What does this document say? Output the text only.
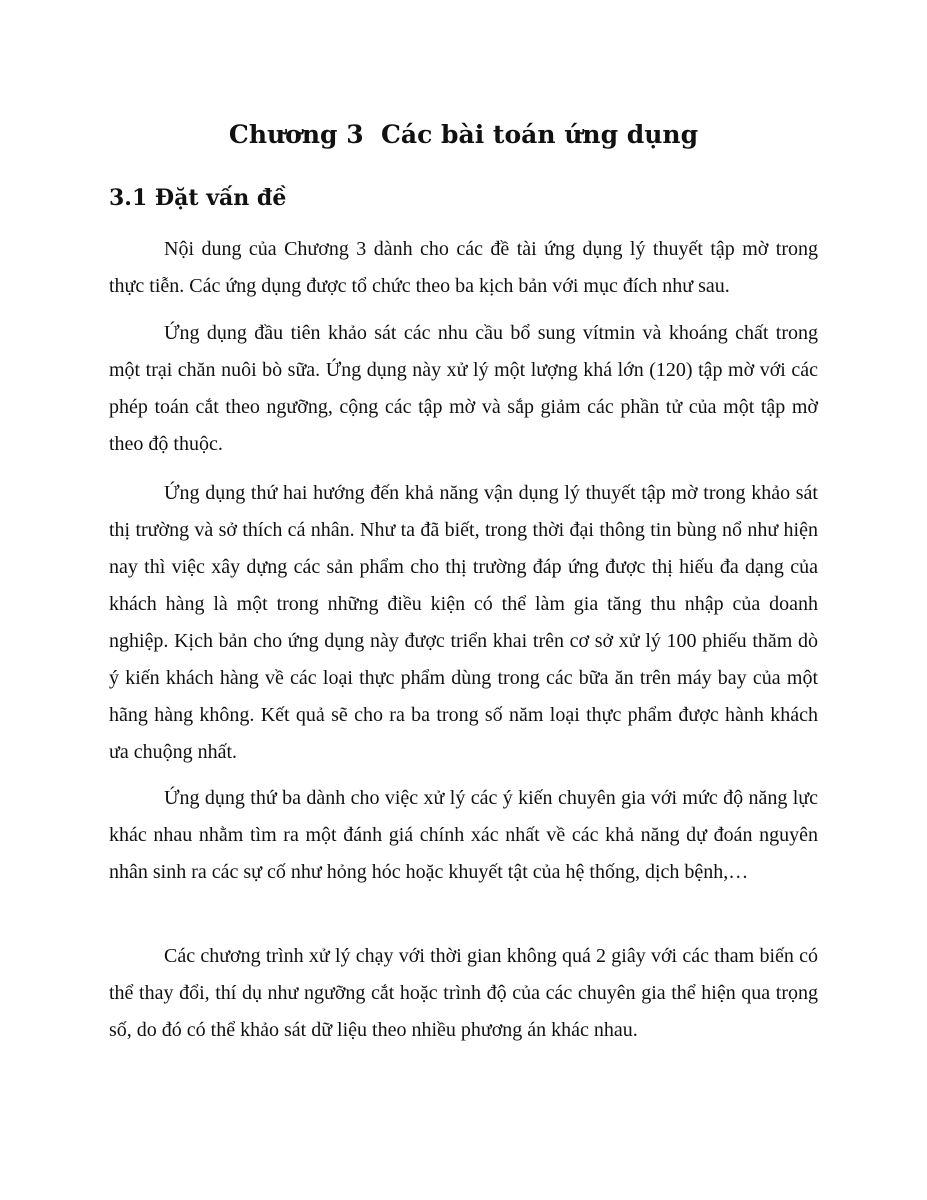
Chương 3  Các bài toán ứng dụng
3.1 Đặt vấn đề

Nội dung của Chương 3 dành cho các đề tài ứng dụng lý thuyết tập mờ trong thực tiễn. Các ứng dụng được tổ chức theo ba kịch bản với mục đích như sau.

Ứng dụng đầu tiên khảo sát các nhu cầu bổ sung vítmin và khoáng chất trong một trại chăn nuôi bò sữa. Ứng dụng này xử lý một lượng khá lớn (120) tập mờ với các phép toán cắt theo ngưỡng, cộng các tập mờ và sắp giảm các phần tử của một tập mờ theo độ thuộc.

Ứng dụng thứ hai hướng đến khả năng vận dụng lý thuyết tập mờ trong khảo sát thị trường và sở thích cá nhân. Như ta đã biết, trong thời đại thông tin bùng nổ như hiện nay thì việc xây dựng các sản phẩm cho thị trường đáp ứng được thị hiếu đa dạng của khách hàng là một trong những điều kiện có thể làm gia tăng thu nhập của doanh nghiệp. Kịch bản cho ứng dụng này được triển khai trên cơ sở xử lý 100 phiếu thăm dò ý kiến khách hàng về các loại thực phẩm dùng trong các bữa ăn trên máy bay của một hãng hàng không. Kết quả sẽ cho ra ba trong số năm loại thực phẩm được hành khách ưa chuộng nhất.

Ứng dụng thứ ba dành cho việc xử lý các ý kiến chuyên gia với mức độ năng lực khác nhau nhằm tìm ra một đánh giá chính xác nhất về các khả năng dự đoán nguyên nhân sinh ra các sự cố như hỏng hóc hoặc khuyết tật của hệ thống, dịch bệnh,…

Các chương trình xử lý chạy với thời gian không quá 2 giây với các tham biến có thể thay đổi, thí dụ như ngưỡng cắt hoặc trình độ của các chuyên gia thể hiện qua trọng số, do đó có thể khảo sát dữ liệu theo nhiều phương án khác nhau.
